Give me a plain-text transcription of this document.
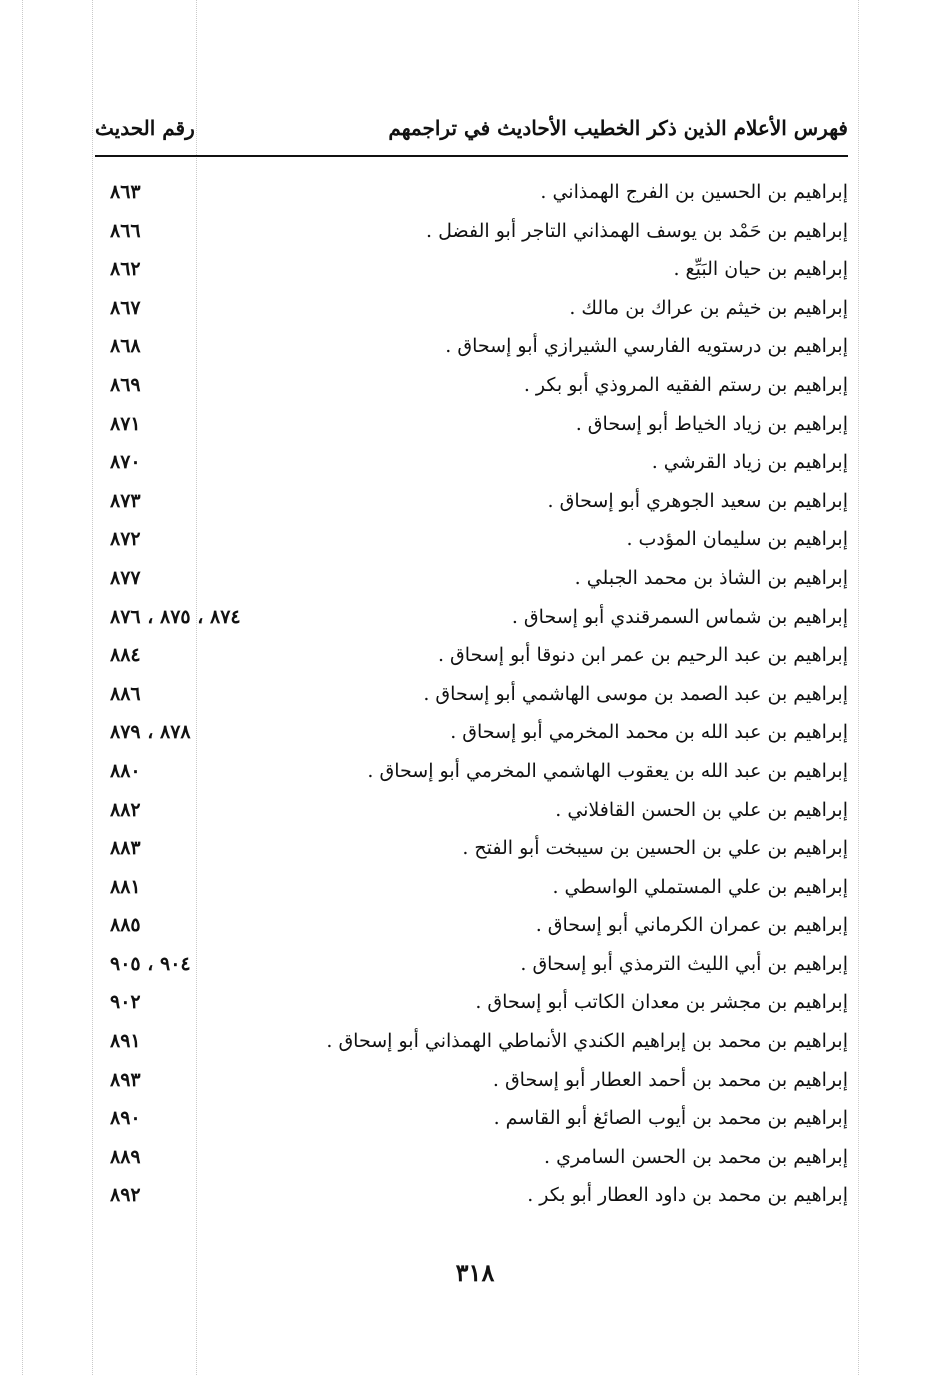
فهرس الأعلام الذين ذكر الخطيب الأحاديث في تراجمهم
رقم الحديث
إبراهيم بن الحسين بن الفرج الهمذاني .
٨٦٣
إبراهيم بن حَمْد بن يوسف الهمذاني التاجر أبو الفضل .
٨٦٦
إبراهيم بن حيان البَيِّع .
٨٦٢
إبراهيم بن خيثم بن عراك بن مالك .
٨٦٧
إبراهيم بن درستويه الفارسي الشيرازي أبو إسحاق .
٨٦٨
إبراهيم بن رستم الفقيه المروذي أبو بكر .
٨٦٩
إبراهيم بن زياد الخياط أبو إسحاق .
٨٧١
إبراهيم بن زياد القرشي .
٨٧٠
إبراهيم بن سعيد الجوهري أبو إسحاق .
٨٧٣
إبراهيم بن سليمان المؤدب .
٨٧٢
إبراهيم بن الشاذ بن محمد الجبلي .
٨٧٧
إبراهيم بن شماس السمرقندي أبو إسحاق .
٨٧٤ ، ٨٧٥ ، ٨٧٦
إبراهيم بن عبد الرحيم بن عمر ابن دنوقا أبو إسحاق .
٨٨٤
إبراهيم بن عبد الصمد بن موسى الهاشمي أبو إسحاق .
٨٨٦
إبراهيم بن عبد الله بن محمد المخرمي أبو إسحاق .
٨٧٨ ، ٨٧٩
إبراهيم بن عبد الله بن يعقوب الهاشمي المخرمي أبو إسحاق .
٨٨٠
إبراهيم بن علي بن الحسن القافلاني .
٨٨٢
إبراهيم بن علي بن الحسين بن سيبخت أبو الفتح .
٨٨٣
إبراهيم بن علي المستملي الواسطي .
٨٨١
إبراهيم بن عمران الكرماني أبو إسحاق .
٨٨٥
إبراهيم بن أبي الليث الترمذي أبو إسحاق .
٩٠٤ ، ٩٠٥
إبراهيم بن مجشر بن معدان الكاتب أبو إسحاق .
٩٠٢
إبراهيم بن محمد بن إبراهيم الكندي الأنماطي الهمذاني أبو إسحاق .
٨٩١
إبراهيم بن محمد بن أحمد العطار أبو إسحاق .
٨٩٣
إبراهيم بن محمد بن أيوب الصائغ أبو القاسم .
٨٩٠
إبراهيم بن محمد بن الحسن السامري .
٨٨٩
إبراهيم بن محمد بن داود العطار أبو بكر .
٨٩٢
٣١٨
